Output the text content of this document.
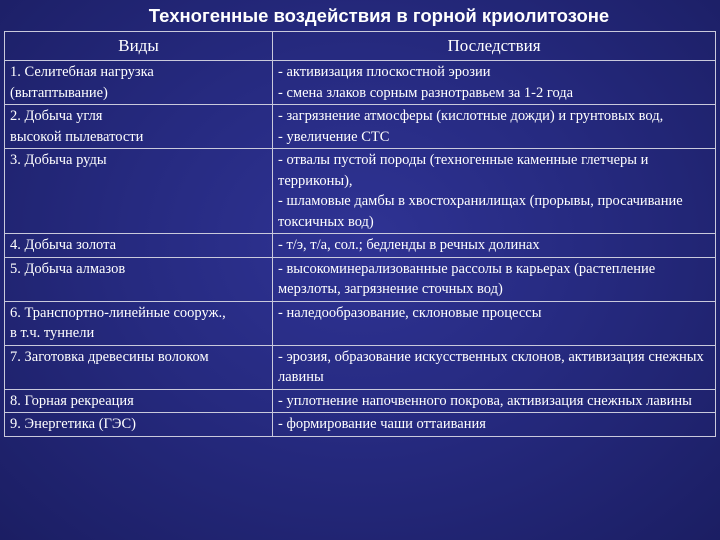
Техногенные воздействия в горной криолитозоне
Виды	Последствия

1. Селитебная нагрузка
(вытаптывание)	- активизация плоскостной эрозии
- смена злаков сорным разнотравьем за 1-2 года

2. Добыча угля
высокой пылеватости	- загрязнение атмосферы (кислотные дожди) и грунтовых вод,
- увеличение СТС

3. Добыча руды	- отвалы пустой породы (техногенные каменные глетчеры и терриконы),
- шламовые дамбы в хвостохранилищах (прорывы, просачивание токсичных вод)

4. Добыча золота	- т/э, т/а, сол.; бедленды в речных долинах

5. Добыча алмазов	- высокоминерализованные рассолы в карьерах (растепление мерзлоты, загрязнение сточных вод)

6. Транспортно-линейные сооруж.,
в т.ч. туннели	- наледообразование, склоновые процессы

7. Заготовка древесины волоком	- эрозия, образование искусственных склонов, активизация снежных лавины

8. Горная рекреация	- уплотнение напочвенного покрова, активизация снежных лавины

9. Энергетика (ГЭС)	- формирование чаши оттаивания
